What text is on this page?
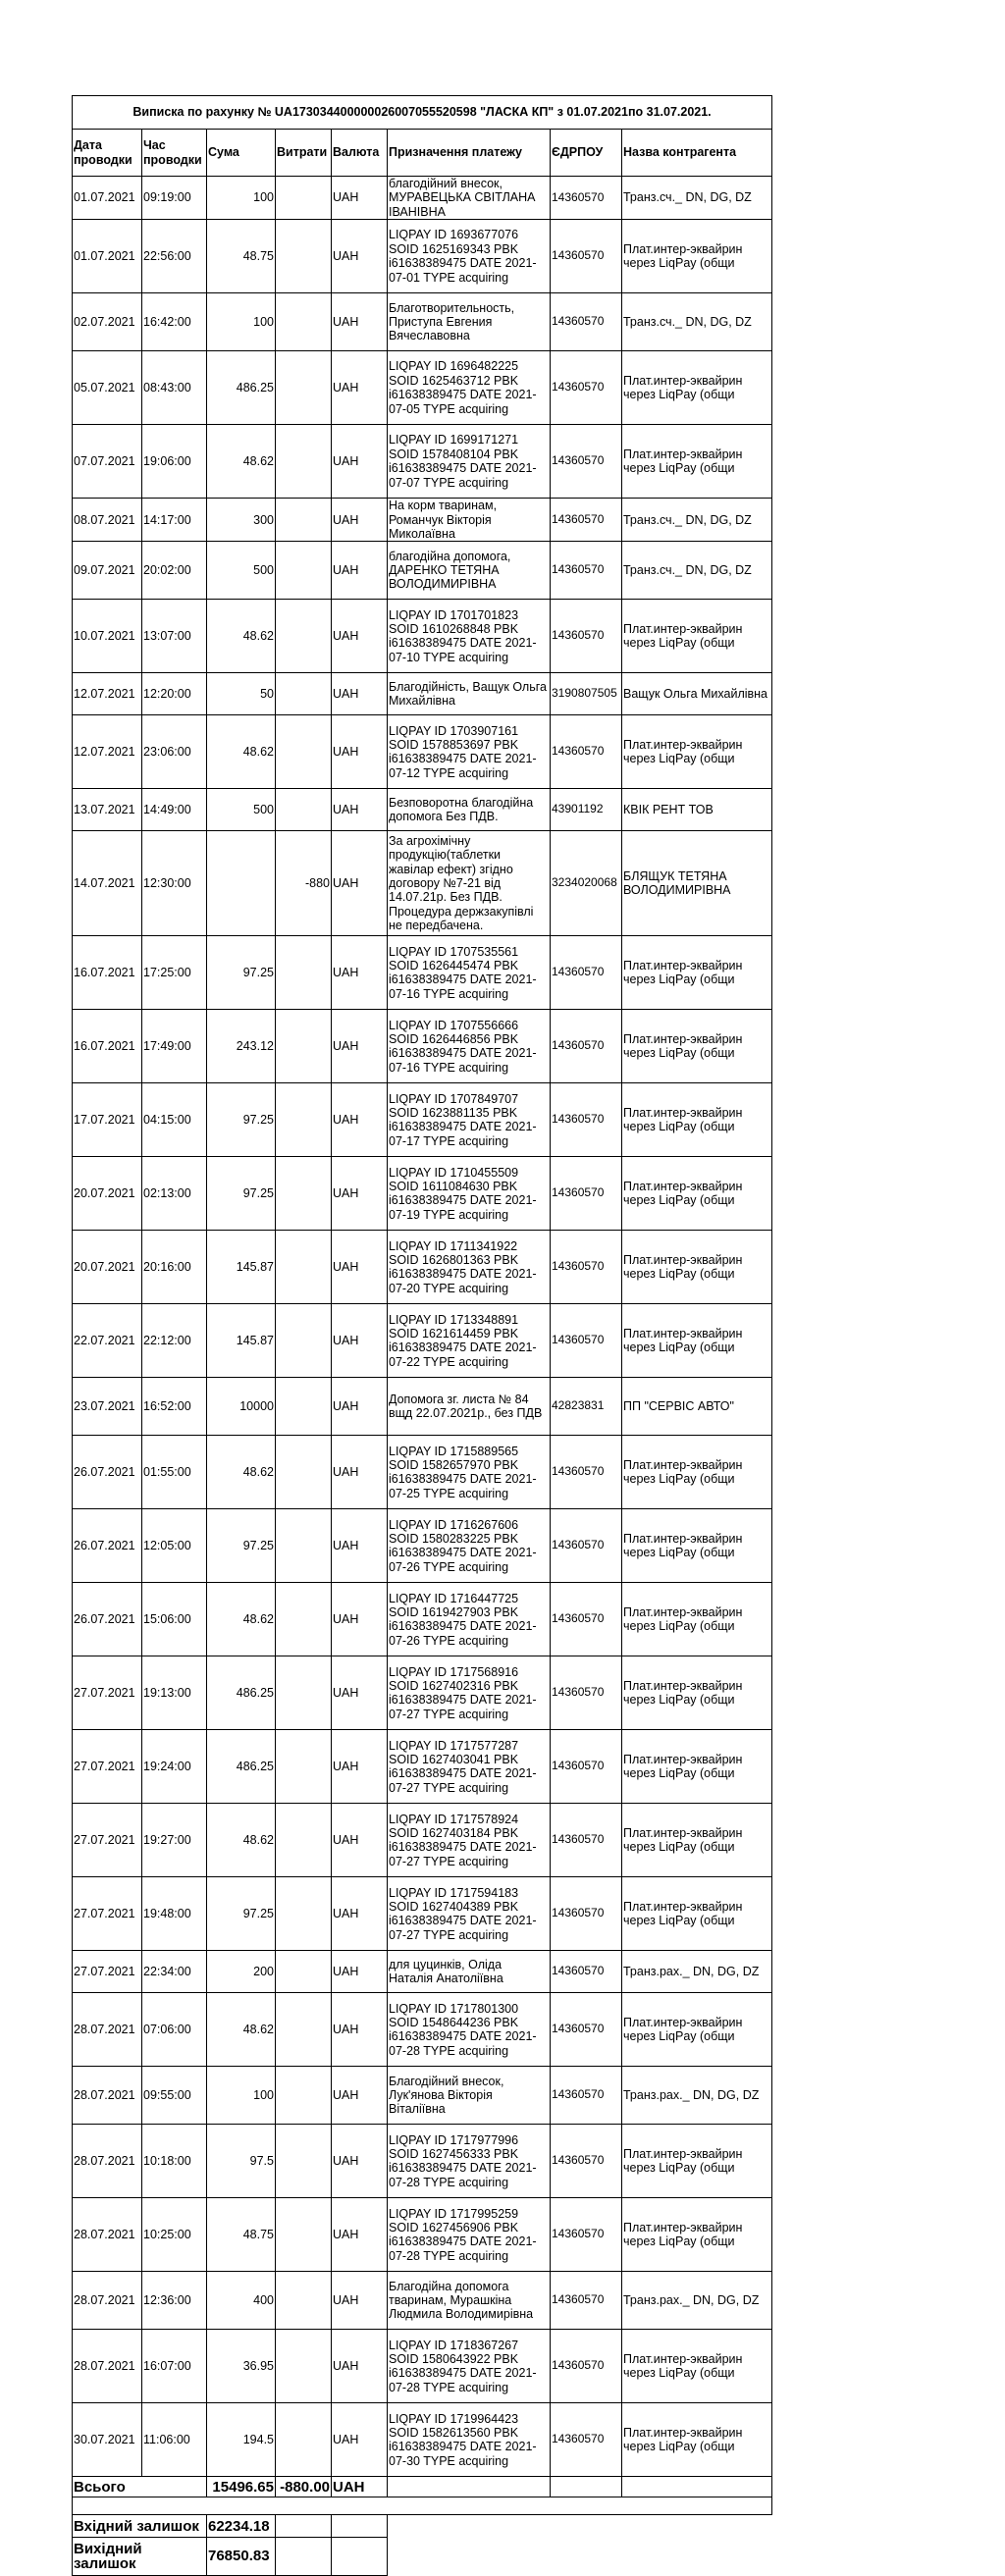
Виписка по рахунку № UA173034400000026007055520598 "ЛАСКА КП" з 01.07.2021по 31.07.2021.							
Дата проводки	Час проводки	Сума	Витрати	Валюта	Призначення платежу	ЄДРПОУ	Назва контрагента
01.07.2021	09:19:00	100		UAH	благодійний внесок, МУРАВЕЦЬКА СВІТЛАНА ІВАНІВНА	14360570	Транз.сч._ DN, DG, DZ
01.07.2021	22:56:00	48.75		UAH	LIQPAY ID 1693677076 SOID 1625169343 PBK i61638389475 DATE 2021-07-01 TYPE acquiring	14360570	Плат.интер-эквайрин через LiqPay (общи
02.07.2021	16:42:00	100		UAH	Благотворительность, Приступа Евгения Вячеславовна	14360570	Транз.сч._ DN, DG, DZ
05.07.2021	08:43:00	486.25		UAH	LIQPAY ID 1696482225 SOID 1625463712 PBK i61638389475 DATE 2021-07-05 TYPE acquiring	14360570	Плат.интер-эквайрин через LiqPay (общи
07.07.2021	19:06:00	48.62		UAH	LIQPAY ID 1699171271 SOID 1578408104 PBK i61638389475 DATE 2021-07-07 TYPE acquiring	14360570	Плат.интер-эквайрин через LiqPay (общи
08.07.2021	14:17:00	300		UAH	На корм тваринам, Романчук Вікторія Миколаївна	14360570	Транз.сч._ DN, DG, DZ
09.07.2021	20:02:00	500		UAH	благодійна допомога, ДАРЕНКО ТЕТЯНА ВОЛОДИМИРІВНА	14360570	Транз.сч._ DN, DG, DZ
10.07.2021	13:07:00	48.62		UAH	LIQPAY ID 1701701823 SOID 1610268848 PBK i61638389475 DATE 2021-07-10 TYPE acquiring	14360570	Плат.интер-эквайрин через LiqPay (общи
12.07.2021	12:20:00	50		UAH	Благодійність, Ващук Ольга Михайлівна	3190807505	Ващук Ольга Михайлівна
12.07.2021	23:06:00	48.62		UAH	LIQPAY ID 1703907161 SOID 1578853697 PBK i61638389475 DATE 2021-07-12 TYPE acquiring	14360570	Плат.интер-эквайрин через LiqPay (общи
13.07.2021	14:49:00	500		UAH	Безповоротна благодійна допомога Без ПДВ.	43901192	КВІК РЕНТ ТОВ
14.07.2021	12:30:00		-880	UAH	За агрохімічну продукцію(таблетки жавілар ефект) згідно договору №7-21 від 14.07.21р. Без ПДВ. Процедура держзакупівлі не передбачена.	3234020068	БЛЯЩУК ТЕТЯНА ВОЛОДИМИРІВНА
16.07.2021	17:25:00	97.25		UAH	LIQPAY ID 1707535561 SOID 1626445474 PBK i61638389475 DATE 2021-07-16 TYPE acquiring	14360570	Плат.интер-эквайрин через LiqPay (общи
16.07.2021	17:49:00	243.12		UAH	LIQPAY ID 1707556666 SOID 1626446856 PBK i61638389475 DATE 2021-07-16 TYPE acquiring	14360570	Плат.интер-эквайрин через LiqPay (общи
17.07.2021	04:15:00	97.25		UAH	LIQPAY ID 1707849707 SOID 1623881135 PBK i61638389475 DATE 2021-07-17 TYPE acquiring	14360570	Плат.интер-эквайрин через LiqPay (общи
20.07.2021	02:13:00	97.25		UAH	LIQPAY ID 1710455509 SOID 1611084630 PBK i61638389475 DATE 2021-07-19 TYPE acquiring	14360570	Плат.интер-эквайрин через LiqPay (общи
20.07.2021	20:16:00	145.87		UAH	LIQPAY ID 1711341922 SOID 1626801363 PBK i61638389475 DATE 2021-07-20 TYPE acquiring	14360570	Плат.интер-эквайрин через LiqPay (общи
22.07.2021	22:12:00	145.87		UAH	LIQPAY ID 1713348891 SOID 1621614459 PBK i61638389475 DATE 2021-07-22 TYPE acquiring	14360570	Плат.интер-эквайрин через LiqPay (общи
23.07.2021	16:52:00	10000		UAH	Допомога зг. листа № 84 вщд 22.07.2021р., без ПДВ	42823831	ПП "СЕРВІС АВТО"
26.07.2021	01:55:00	48.62		UAH	LIQPAY ID 1715889565 SOID 1582657970 PBK i61638389475 DATE 2021-07-25 TYPE acquiring	14360570	Плат.интер-эквайрин через LiqPay (общи
26.07.2021	12:05:00	97.25		UAH	LIQPAY ID 1716267606 SOID 1580283225 PBK i61638389475 DATE 2021-07-26 TYPE acquiring	14360570	Плат.интер-эквайрин через LiqPay (общи
26.07.2021	15:06:00	48.62		UAH	LIQPAY ID 1716447725 SOID 1619427903 PBK i61638389475 DATE 2021-07-26 TYPE acquiring	14360570	Плат.интер-эквайрин через LiqPay (общи
27.07.2021	19:13:00	486.25		UAH	LIQPAY ID 1717568916 SOID 1627402316 PBK i61638389475 DATE 2021-07-27 TYPE acquiring	14360570	Плат.интер-эквайрин через LiqPay (общи
27.07.2021	19:24:00	486.25		UAH	LIQPAY ID 1717577287 SOID 1627403041 PBK i61638389475 DATE 2021-07-27 TYPE acquiring	14360570	Плат.интер-эквайрин через LiqPay (общи
27.07.2021	19:27:00	48.62		UAH	LIQPAY ID 1717578924 SOID 1627403184 PBK i61638389475 DATE 2021-07-27 TYPE acquiring	14360570	Плат.интер-эквайрин через LiqPay (общи
27.07.2021	19:48:00	97.25		UAH	LIQPAY ID 1717594183 SOID 1627404389 PBK i61638389475 DATE 2021-07-27 TYPE acquiring	14360570	Плат.интер-эквайрин через LiqPay (общи
27.07.2021	22:34:00	200		UAH	для цуцинків, Оліда Наталія Анатоліївна	14360570	Транз.рах._ DN, DG, DZ
28.07.2021	07:06:00	48.62		UAH	LIQPAY ID 1717801300 SOID 1548644236 PBK i61638389475 DATE 2021-07-28 TYPE acquiring	14360570	Плат.интер-эквайрин через LiqPay (общи
28.07.2021	09:55:00	100		UAH	Благодійний внесок, Лук'янова Вікторія Віталіївна	14360570	Транз.рах._ DN, DG, DZ
28.07.2021	10:18:00	97.5		UAH	LIQPAY ID 1717977996 SOID 1627456333 PBK i61638389475 DATE 2021-07-28 TYPE acquiring	14360570	Плат.интер-эквайрин через LiqPay (общи
28.07.2021	10:25:00	48.75		UAH	LIQPAY ID 1717995259 SOID 1627456906 PBK i61638389475 DATE 2021-07-28 TYPE acquiring	14360570	Плат.интер-эквайрин через LiqPay (общи
28.07.2021	12:36:00	400		UAH	Благодійна допомога тваринам, Мурашкіна Людмила Володимирівна	14360570	Транз.рах._ DN, DG, DZ
28.07.2021	16:07:00	36.95		UAH	LIQPAY ID 1718367267 SOID 1580643922 PBK i61638389475 DATE 2021-07-28 TYPE acquiring	14360570	Плат.интер-эквайрин через LiqPay (общи
30.07.2021	11:06:00	194.5		UAH	LIQPAY ID 1719964423 SOID 1582613560 PBK i61638389475 DATE 2021-07-30 TYPE acquiring	14360570	Плат.интер-эквайрин через LiqPay (общи
Всього		15496.65	-880.00	UAH			

Вхідний залишок		62234.18					
Вихідний залишок		76850.83					
